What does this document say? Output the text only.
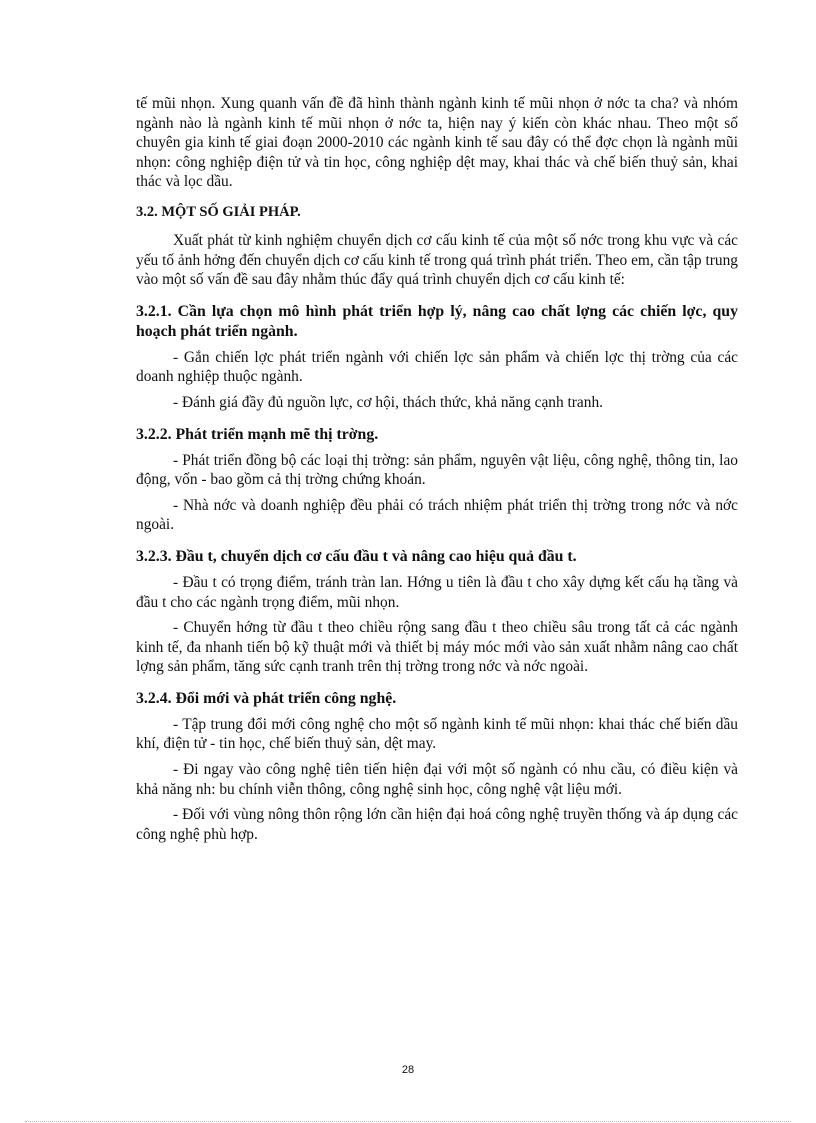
tế mũi nhọn. Xung quanh vấn đề đã hình thành ngành kinh tế mũi nhọn ở nớc ta cha? và nhóm ngành nào là ngành kinh tế mũi nhọn ở nớc ta, hiện nay ý kiến còn khác nhau. Theo một số chuyên gia kinh tế giai đoạn 2000-2010 các ngành kinh tế sau đây có thể đợc chọn là ngành mũi nhọn: công nghiệp điện tử và tin học, công nghiệp dệt may, khai thác và chế biến thuỷ sản, khai thác và lọc dầu.

3.2. MỘT SỐ GIẢI PHÁP.

Xuất phát từ kinh nghiệm chuyển dịch cơ cấu kinh tế của một số nớc trong khu vực và các yếu tố ảnh hởng đến chuyển dịch cơ cấu kinh tế trong quá trình phát triển. Theo em, cần tập trung vào một số vấn đề sau đây nhằm thúc đẩy quá trình chuyển dịch cơ cấu kinh tế:

3.2.1. Cần lựa chọn mô hình phát triển hợp lý, nâng cao chất lợng các chiến lợc, quy hoạch phát triển ngành.

- Gắn chiến lợc phát triển ngành với chiến lợc sản phẩm và chiến lợc thị trờng của các doanh nghiệp thuộc ngành.

- Đánh giá đầy đủ nguồn lực, cơ hội, thách thức, khả năng cạnh tranh.

3.2.2. Phát triển mạnh mẽ thị trờng.

- Phát triển đồng bộ các loại thị trờng: sản phẩm, nguyên vật liệu, công nghệ, thông tin, lao động, vốn - bao gồm cả thị trờng chứng khoán.

- Nhà nớc và doanh nghiệp đều phải có trách nhiệm phát triển thị trờng trong nớc và nớc ngoài.

3.2.3. Đầu t, chuyển dịch cơ cấu đầu t và nâng cao hiệu quả đầu t.

- Đầu t có trọng điểm, tránh tràn lan. Hớng u tiên là đầu t cho xây dựng kết cấu hạ tầng và đầu t cho các ngành trọng điểm, mũi nhọn.

- Chuyển hớng từ đầu t theo chiều rộng sang đầu t theo chiều sâu trong tất cả các ngành kinh tế, đa nhanh tiến bộ kỹ thuật mới và thiết bị máy móc mới vào sản xuất nhằm nâng cao chất lợng sản phẩm, tăng sức cạnh tranh trên thị trờng trong nớc và nớc ngoài.

3.2.4. Đổi mới và phát triển công nghệ.

- Tập trung đổi mới công nghệ cho một số ngành kinh tế mũi nhọn: khai thác chế biến dầu khí, điện tử - tin học, chế biến thuỷ sản, dệt may.

- Đi ngay vào công nghệ tiên tiến hiện đại với một số ngành có nhu cầu, có điều kiện và khả năng nh: bu chính viễn thông, công nghệ sinh học, công nghệ vật liệu mới.

- Đối với vùng nông thôn rộng lớn cần hiện đại hoá công nghệ truyền thống và áp dụng các công nghệ phù hợp.

28
